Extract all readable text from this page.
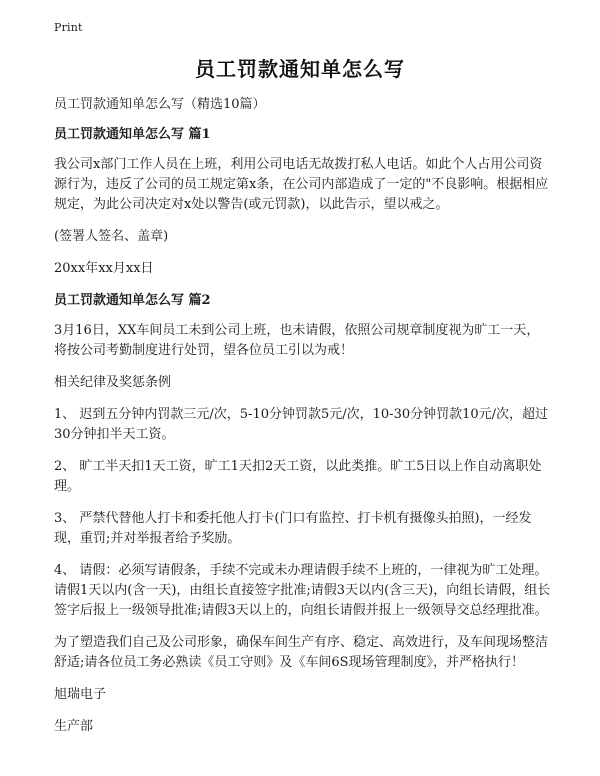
Print
员工罚款通知单怎么写

员工罚款通知单怎么写（精选10篇）

员工罚款通知单怎么写 篇1

我公司x部门工作人员在上班，利用公司电话无故拨打私人电话。如此个人占用公司资源行为，违反了公司的员工规定第x条，在公司内部造成了一定的"不良影响。根据相应规定，为此公司决定对x处以警告(或元罚款)，以此告示，望以戒之。

(签署人签名、盖章)

20xx年xx月xx日

员工罚款通知单怎么写 篇2

3月16日，XX车间员工未到公司上班，也未请假，依照公司规章制度视为旷工一天，将按公司考勤制度进行处罚，望各位员工引以为戒！

相关纪律及奖惩条例

1、 迟到五分钟内罚款三元/次，5-10分钟罚款5元/次，10-30分钟罚款10元/次，超过30分钟扣半天工资。

2、 旷工半天扣1天工资，旷工1天扣2天工资，以此类推。旷工5日以上作自动离职处理。

3、 严禁代替他人打卡和委托他人打卡(门口有监控、打卡机有摄像头拍照)，一经发现，重罚;并对举报者给予奖励。

4、 请假：必须写请假条，手续不完或未办理请假手续不上班的，一律视为旷工处理。请假1天以内(含一天)，由组长直接签字批准;请假3天以内(含三天)，向组长请假，组长签字后报上一级领导批准;请假3天以上的，向组长请假并报上一级领导交总经理批准。

为了塑造我们自己及公司形象，确保车间生产有序、稳定、高效进行，及车间现场整洁舒适;请各位员工务必熟读《员工守则》及《车间6S现场管理制度》，并严格执行！

旭瑞电子

生产部
